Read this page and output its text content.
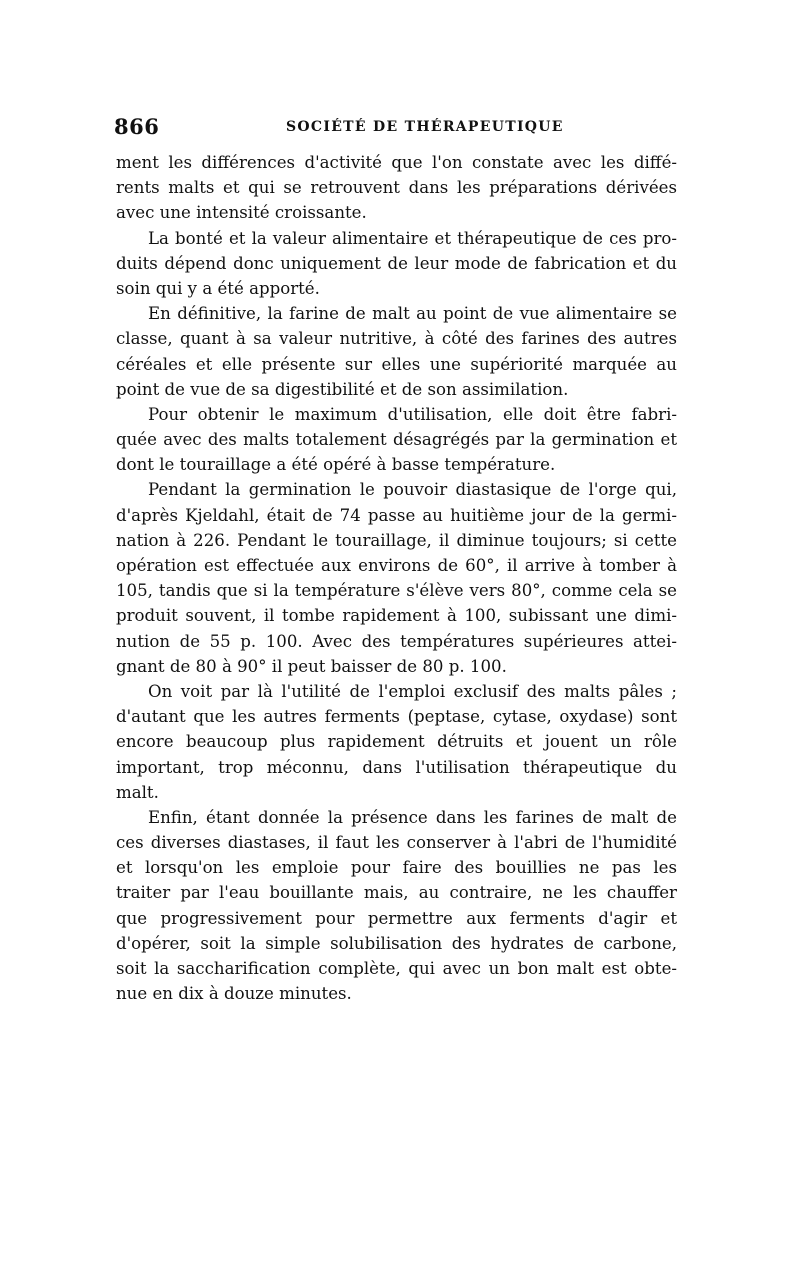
866	SOCIÉTÉ DE THÉRAPEUTIQUE
ment les différences d'activité que l'on constate avec les diffé-
rents malts et qui se retrouvent dans les préparations dérivées
avec une intensité croissante.
La bonté et la valeur alimentaire et thérapeutique de ces pro-
duits dépend donc uniquement de leur mode de fabrication et du
soin qui y a été apporté.
En définitive, la farine de malt au point de vue alimentaire se
classe, quant à sa valeur nutritive, à côté des farines des autres
céréales et elle présente sur elles une supériorité marquée au
point de vue de sa digestibilité et de son assimilation.
Pour obtenir le maximum d'utilisation, elle doit être fabri-
quée avec des malts totalement désagrégés par la germination et
dont le touraillage a été opéré à basse température.
Pendant la germination le pouvoir diastasique de l'orge qui,
d'après Kjeldahl, était de 74 passe au huitième jour de la germi-
nation à 226. Pendant le touraillage, il diminue toujours; si cette
opération est effectuée aux environs de 60°, il arrive à tomber à
105, tandis que si la température s'élève vers 80°, comme cela se
produit souvent, il tombe rapidement à 100, subissant une dimi-
nution de 55 p. 100. Avec des températures supérieures attei-
gnant de 80 à 90° il peut baisser de 80 p. 100.
On voit par là l'utilité de l'emploi exclusif des malts pâles ;
d'autant que les autres ferments (peptase, cytase, oxydase) sont
encore beaucoup plus rapidement détruits et jouent un rôle
important, trop méconnu, dans l'utilisation thérapeutique du
malt.
Enfin, étant donnée la présence dans les farines de malt de
ces diverses diastases, il faut les conserver à l'abri de l'humidité
et lorsqu'on les emploie pour faire des bouillies ne pas les
traiter par l'eau bouillante mais, au contraire, ne les chauffer
que progressivement pour permettre aux ferments d'agir et
d'opérer, soit la simple solubilisation des hydrates de carbone,
soit la saccharification complète, qui avec un bon malt est obte-
nue en dix à douze minutes.
